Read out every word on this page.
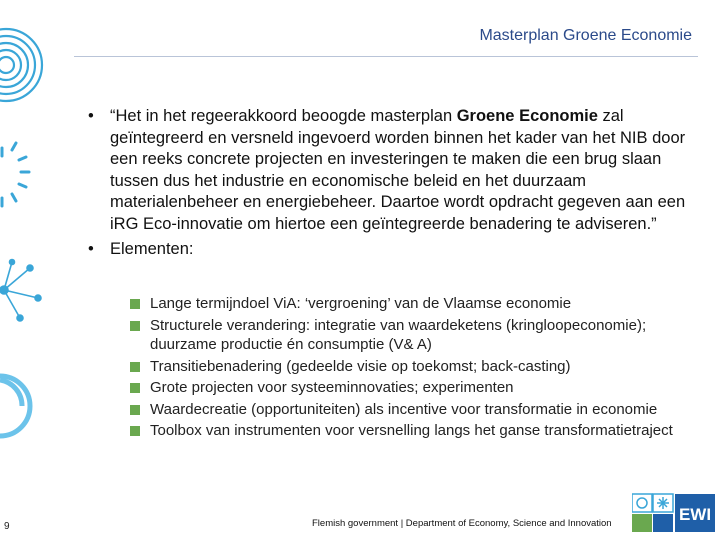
Masterplan Groene Economie
• “Het in het regeerakkoord beoogde masterplan Groene Economie zal geïntegreerd en versneld ingevoerd worden binnen het kader van het NIB door een reeks concrete projecten en investeringen te maken die een brug slaan tussen dus het industrie en economische beleid en het duurzaam materialenbeheer en energiebeheer. Daartoe wordt opdracht gegeven aan een iRG Eco-innovatie om hiertoe een geïntegreerde benadering te adviseren.”
• Elementen:
Lange termijndoel ViA: ‘vergroening’ van de Vlaamse economie
Structurele verandering: integratie van waardeketens (kringloopeconomie); duurzame productie én consumptie (V& A)
Transitiebenadering (gedeelde visie op toekomst; back-casting)
Grote projecten voor systeeminnovaties; experimenten
Waardecreatie (opportuniteiten) als incentive voor transformatie in economie
Toolbox van instrumenten voor versnelling langs het ganse transformatietraject
9	Flemish government | Department of Economy, Science and Innovation	EWI
